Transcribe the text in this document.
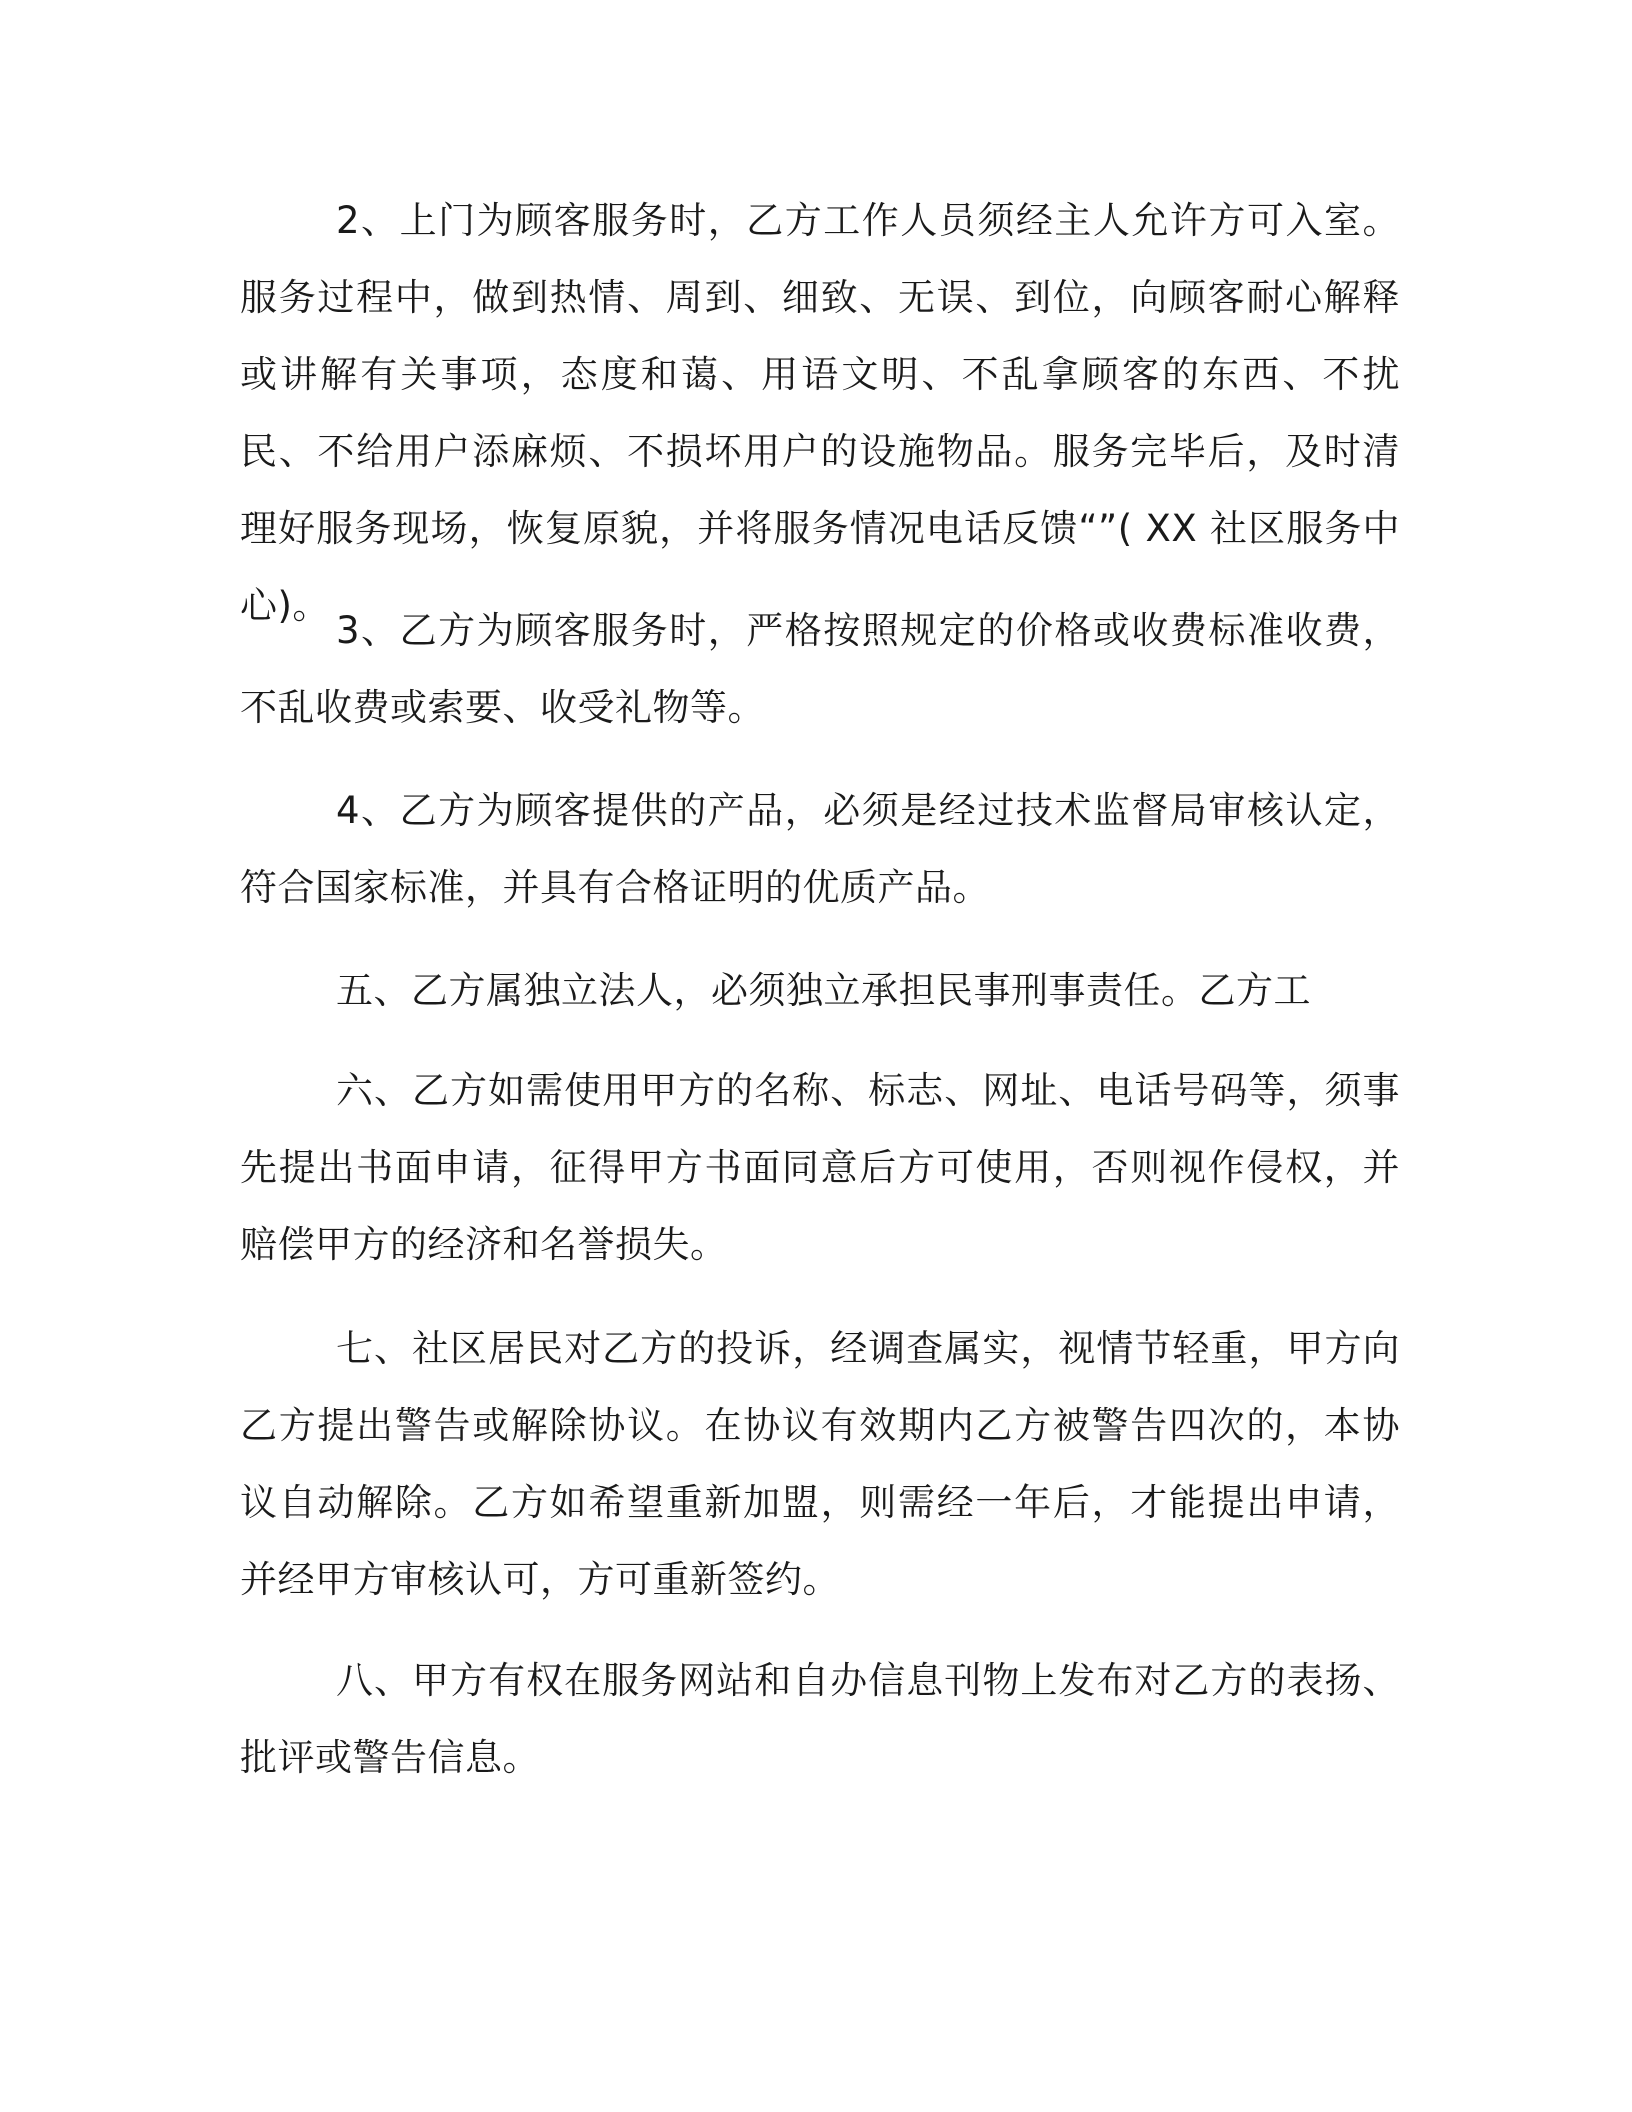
2、上门为顾客服务时，乙方工作人员须经主人允许方可入室。服务过程中，做到热情、周到、细致、无误、到位，向顾客耐心解释或讲解有关事项，态度和蔼、用语文明、不乱拿顾客的东西、不扰民、不给用户添麻烦、不损坏用户的设施物品。服务完毕后，及时清理好服务现场，恢复原貌，并将服务情况电话反馈“”( XX 社区服务中心)。

3、乙方为顾客服务时，严格按照规定的价格或收费标准收费，不乱收费或索要、收受礼物等。

4、乙方为顾客提供的产品，必须是经过技术监督局审核认定，符合国家标准，并具有合格证明的优质产品。

五、乙方属独立法人，必须独立承担民事刑事责任。乙方工

六、乙方如需使用甲方的名称、标志、网址、电话号码等，须事先提出书面申请，征得甲方书面同意后方可使用，否则视作侵权，并赔偿甲方的经济和名誉损失。

七、社区居民对乙方的投诉，经调查属实，视情节轻重，甲方向乙方提出警告或解除协议。在协议有效期内乙方被警告四次的，本协议自动解除。乙方如希望重新加盟，则需经一年后，才能提出申请，并经甲方审核认可，方可重新签约。

八、甲方有权在服务网站和自办信息刊物上发布对乙方的表扬、批评或警告信息。
